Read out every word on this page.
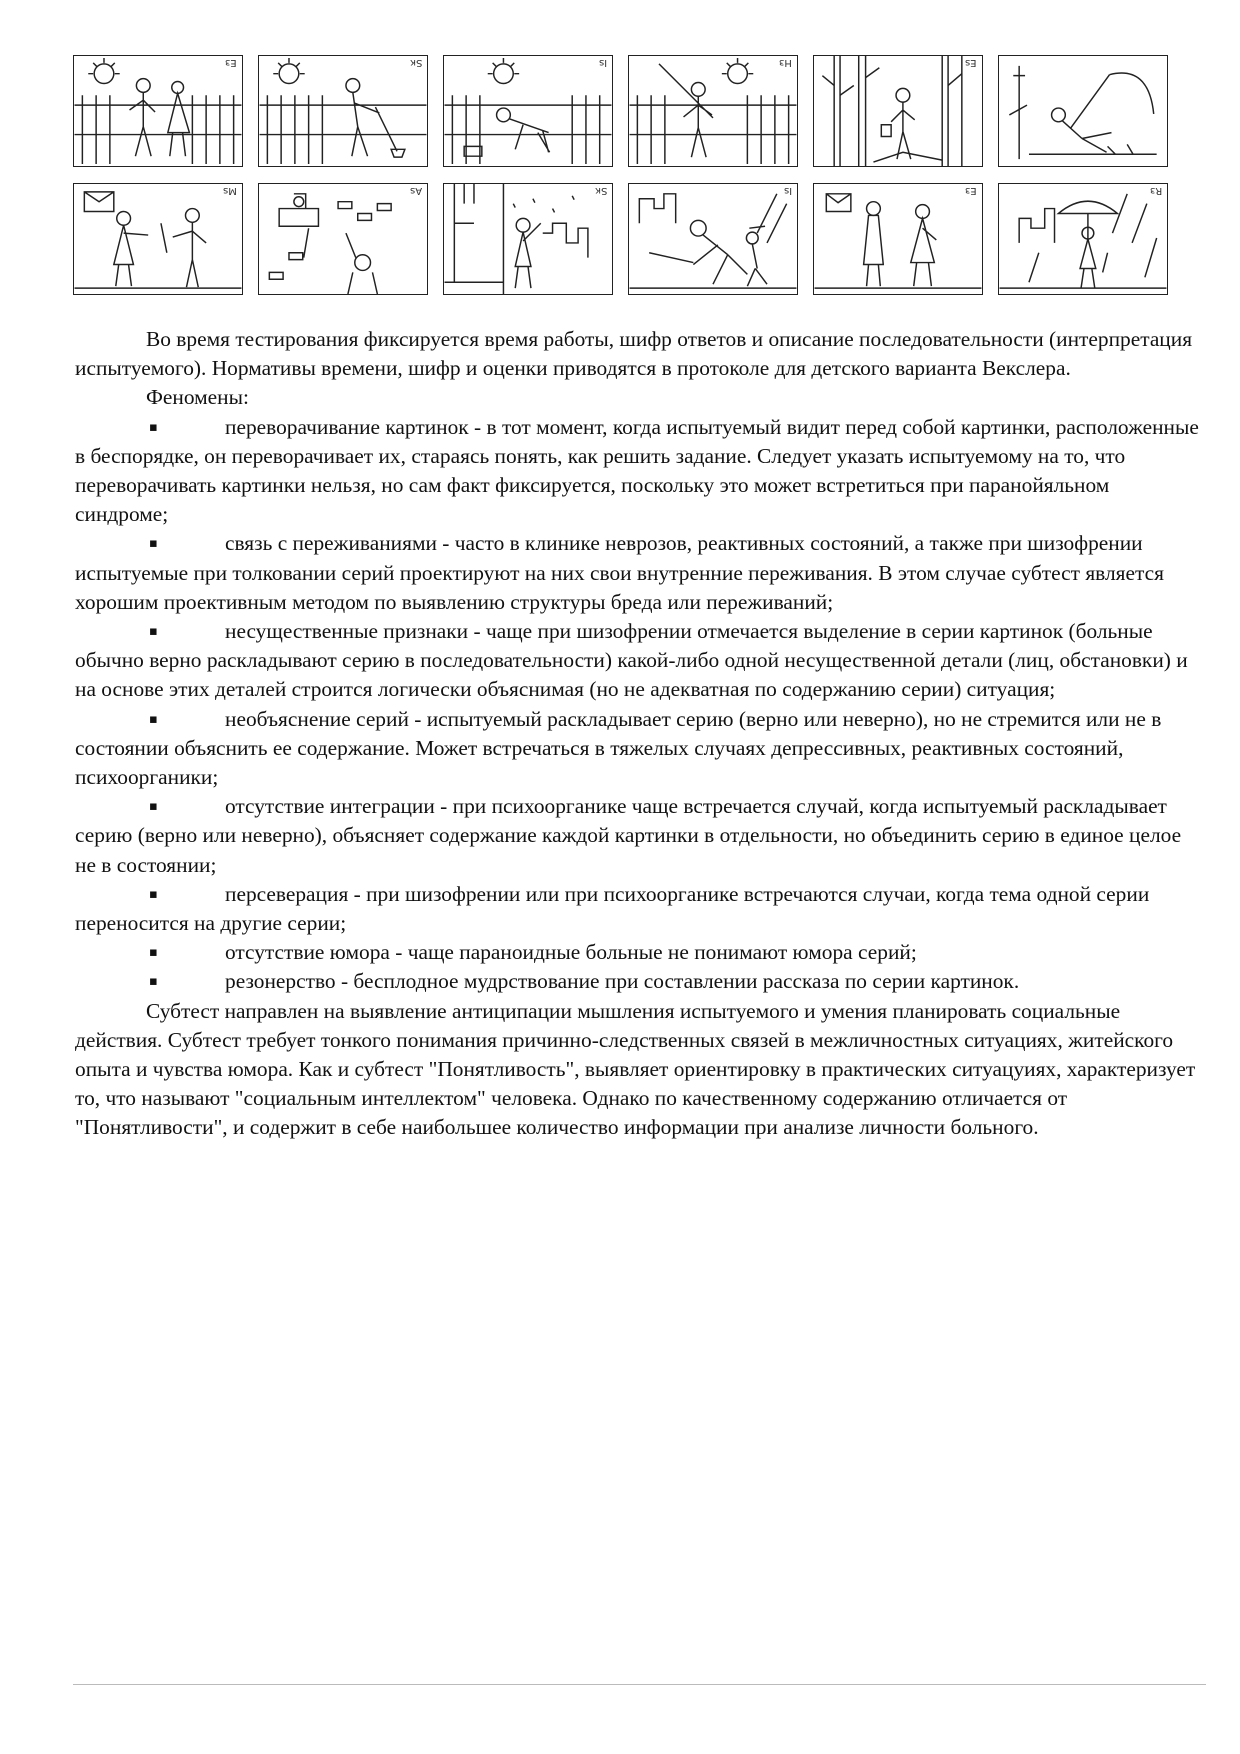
Ез	Sк	Is	Hз	Еs
Ms	Аs	Sк	Is	Ез	Rз

Во время тестирования фиксируется время работы, шифр ответов и описание последовательности (интерпретация испытуемого). Нормативы времени, шифр и оценки приводятся в протоколе для детского варианта Векслера.

Феномены:

▪	переворачивание картинок - в тот момент, когда испытуемый видит перед собой картинки, расположенные в беспорядке, он переворачивает их, стараясь понять, как решить задание. Следует указать испытуемому на то, что переворачивать картинки нельзя, но сам факт фиксируется, поскольку это может встретиться при паранойяльном синдроме;

▪	связь с переживаниями - часто в клинике неврозов, реактивных состояний, а также при шизофрении испытуемые при толковании серий проектируют на них свои внутренние переживания. В этом случае субтест является хорошим проективным методом по выявлению структуры бреда или переживаний;

▪	несущественные признаки - чаще при шизофрении отмечается выделение в серии картинок (больные обычно верно раскладывают серию в последовательности) какой-либо одной несущественной детали (лиц, обстановки) и на основе этих деталей строится логически объяснимая (но не адекватная по содержанию серии) ситуация;

▪	необъяснение серий - испытуемый раскладывает серию (верно или неверно), но не стремится или не в состоянии объяснить ее содержание. Может встречаться в тяжелых случаях депрессивных, реактивных состояний, психоорганики;

▪	отсутствие интеграции - при психоорганике чаще встречается случай, когда испытуемый раскладывает серию (верно или неверно), объясняет содержание каждой картинки в отдельности, но объединить серию в единое целое не в состоянии;

▪	персеверация - при шизофрении или при психоорганике встречаются случаи, когда тема одной серии переносится на другие серии;

▪	отсутствие юмора - чаще параноидные больные не понимают юмора серий;

▪	резонерство - бесплодное мудрствование при составлении рассказа по серии картинок.

Субтест направлен на выявление антиципации мышления испытуемого и умения планировать социальные действия. Субтест требует тонкого понимания причинно-следственных связей в межличностных ситуациях, житейского опыта и чувства юмора. Как и субтест "Понятливость", выявляет ориентировку в практических ситуацуиях, характеризует то, что называют "социальным интеллектом" человека. Однако по качественному содержанию отличается от "Понятливости", и содержит в себе наибольшее количество информации при анализе личности больного.
